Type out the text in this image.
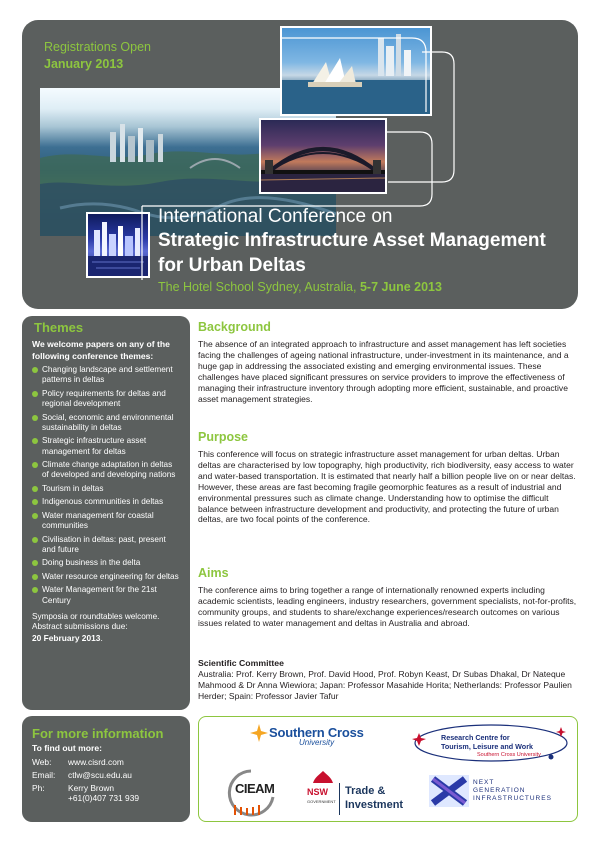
Registrations Open
January 2013
International Conference on
Strategic Infrastructure Asset Management
for Urban Deltas
The Hotel School Sydney, Australia, 5-7 June 2013
Themes
We welcome papers on any of the following conference themes:
Changing landscape and settlement patterns in deltas
Policy requirements for deltas and regional development
Social, economic and environmental sustainability in deltas
Strategic infrastructure asset management for deltas
Climate change adaptation in deltas of developed and developing nations
Tourism in deltas
Indigenous communities in deltas
Water management for coastal communities
Civilisation in deltas: past, present and future
Doing business in the delta
Water resource engineering for deltas
Water Management for the 21st Century
Symposia or roundtables welcome.
Abstract submissions due:
20 February 2013.
For more information
To find out more:
Web:	www.cisrd.com
Email:	ctlw@scu.edu.au
Ph:	Kerry Brown
+61(0)407 731 939
Background

The absence of an integrated approach to infrastructure and asset management has left societies facing the challenges of ageing national infrastructure, under-investment in its maintenance, and a huge gap in addressing the associated existing and emerging environmental issues. These challenges have placed significant pressures on service providers to improve the effectiveness of managing their infrastructure inventory through adopting more efficient, sustainable, and proactive asset management strategies.

Purpose

This conference will focus on strategic infrastructure asset management for urban deltas. Urban deltas are characterised by low topography, high productivity, rich biodiversity, easy access to water and water-based transportation. It is estimated that nearly half a billion people live on or near deltas. However, these areas are fast becoming fragile geomorphic features as a result of industrial and environmental pressures such as climate change. Understanding how to optimise the difficult balance between infrastructure development and productivity, and protecting the future of urban deltas, are two focal points of the conference.

Aims

The conference aims to bring together a range of internationally renowned experts including academic scientists, leading engineers, industry researchers, government specialists, not-for-profits, community groups, and students to share/exchange experiences/research outcomes on various issues related to water management and deltas in Australia and abroad.

Scientific Committee

Australia: Prof. Kerry Brown, Prof. David Hood, Prof. Robyn Keast, Dr Subas Dhakal, Dr Nateque Mahmood & Dr Anna Wiewiora; Japan: Professor Masahide Horita; Netherlands: Professor Paulien Herder; Spain: Professor Javier Tafur

Southern Cross
University
Research Centre for
Tourism, Leisure and Work
Southern Cross University
CIEAM	NSW
GOVERNMENT
Trade &
Investment
NEXT
GENERATION
INFRASTRUCTURES
